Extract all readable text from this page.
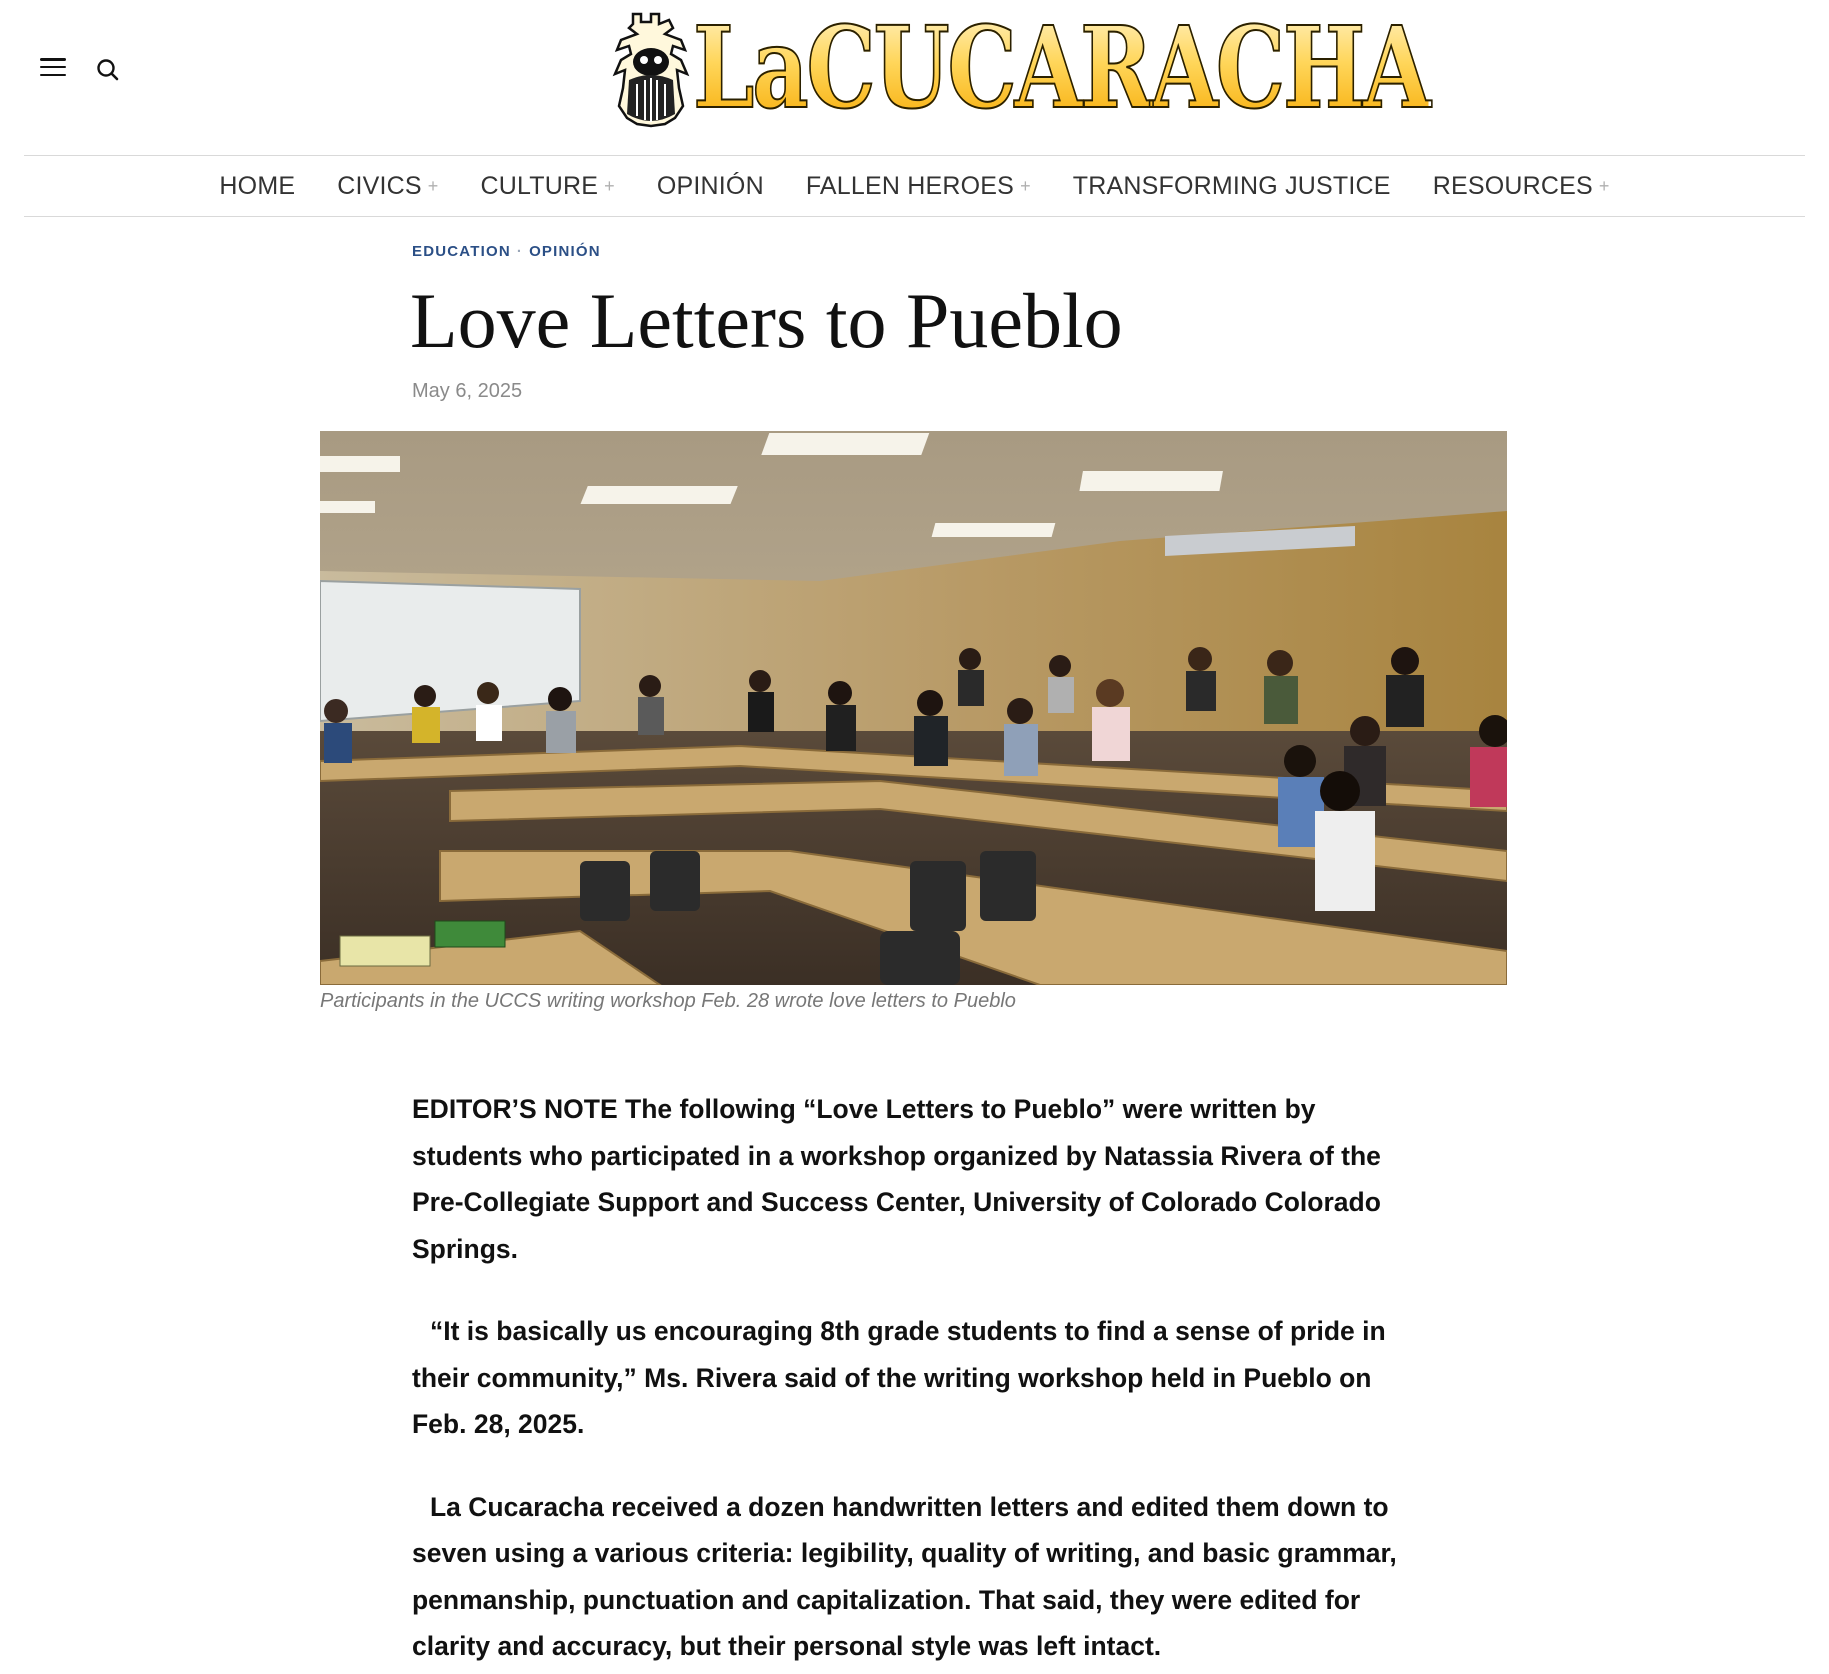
LaCUCARACHA
HOME CIVICS + CULTURE + OPINIÓN FALLEN HEROES + TRANSFORMING JUSTICE RESOURCES +
EDUCATION · OPINIÓN
Love Letters to Pueblo
May 6, 2025
Participants in the UCCS writing workshop Feb. 28 wrote love letters to Pueblo

EDITOR’S NOTE The following “Love Letters to Pueblo” were written by students who participated in a workshop organized by Natassia Rivera of the Pre-Collegiate Support and Success Center, University of Colorado Colorado Springs.

“It is basically us encouraging 8th grade students to find a sense of pride in their community,” Ms. Rivera said of the writing workshop held in Pueblo on Feb. 28, 2025.

La Cucaracha received a dozen handwritten letters and edited them down to seven using a various criteria: legibility, quality of writing, and basic grammar, penmanship, punctuation and capitalization. That said, they were edited for clarity and accuracy, but their personal style was left intact.
